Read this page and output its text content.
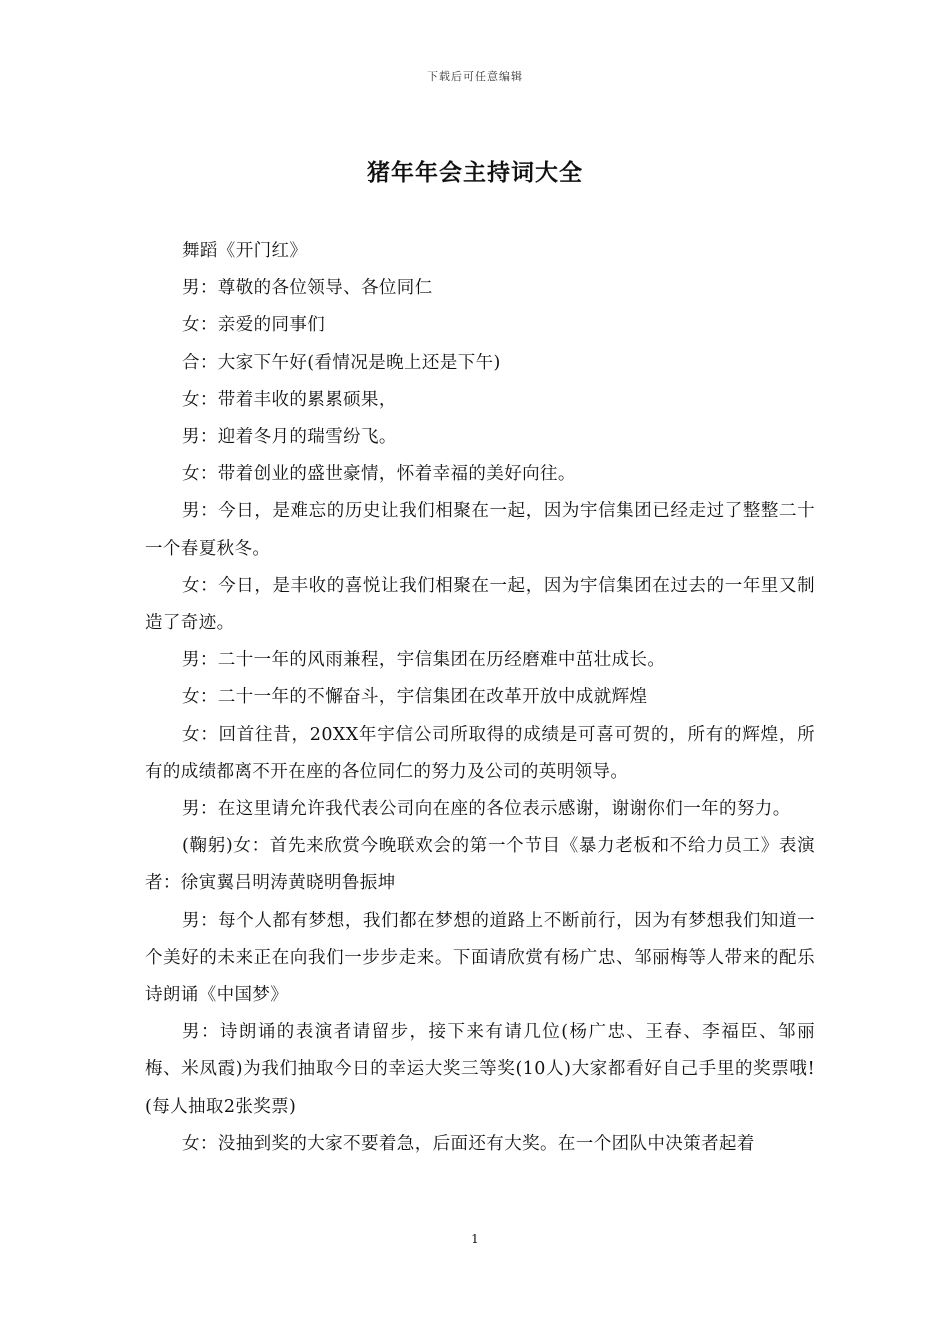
下载后可任意编辑
猪年年会主持词大全

舞蹈《开门红》

男：尊敬的各位领导、各位同仁

女：亲爱的同事们

合：大家下午好(看情况是晚上还是下午)

女：带着丰收的累累硕果，

男：迎着冬月的瑞雪纷飞。

女：带着创业的盛世豪情，怀着幸福的美好向往。

男：今日，是难忘的历史让我们相聚在一起，因为宇信集团已经走过了整整二十一个春夏秋冬。

女：今日，是丰收的喜悦让我们相聚在一起，因为宇信集团在过去的一年里又制造了奇迹。

男：二十一年的风雨兼程，宇信集团在历经磨难中茁壮成长。

女：二十一年的不懈奋斗，宇信集团在改革开放中成就辉煌

女：回首往昔，20XX年宇信公司所取得的成绩是可喜可贺的，所有的辉煌，所有的成绩都离不开在座的各位同仁的努力及公司的英明领导。

男：在这里请允许我代表公司向在座的各位表示感谢，谢谢你们一年的努力。

(鞠躬)女：首先来欣赏今晚联欢会的第一个节目《暴力老板和不给力员工》表演者：徐寅翼吕明涛黄晓明鲁振坤

男：每个人都有梦想，我们都在梦想的道路上不断前行，因为有梦想我们知道一个美好的未来正在向我们一步步走来。下面请欣赏有杨广忠、邹丽梅等人带来的配乐诗朗诵《中国梦》

男：诗朗诵的表演者请留步，接下来有请几位(杨广忠、王春、李福臣、邹丽梅、米凤霞)为我们抽取今日的幸运大奖三等奖(10人)大家都看好自己手里的奖票哦!(每人抽取2张奖票)

女：没抽到奖的大家不要着急，后面还有大奖。在一个团队中决策者起着

1
